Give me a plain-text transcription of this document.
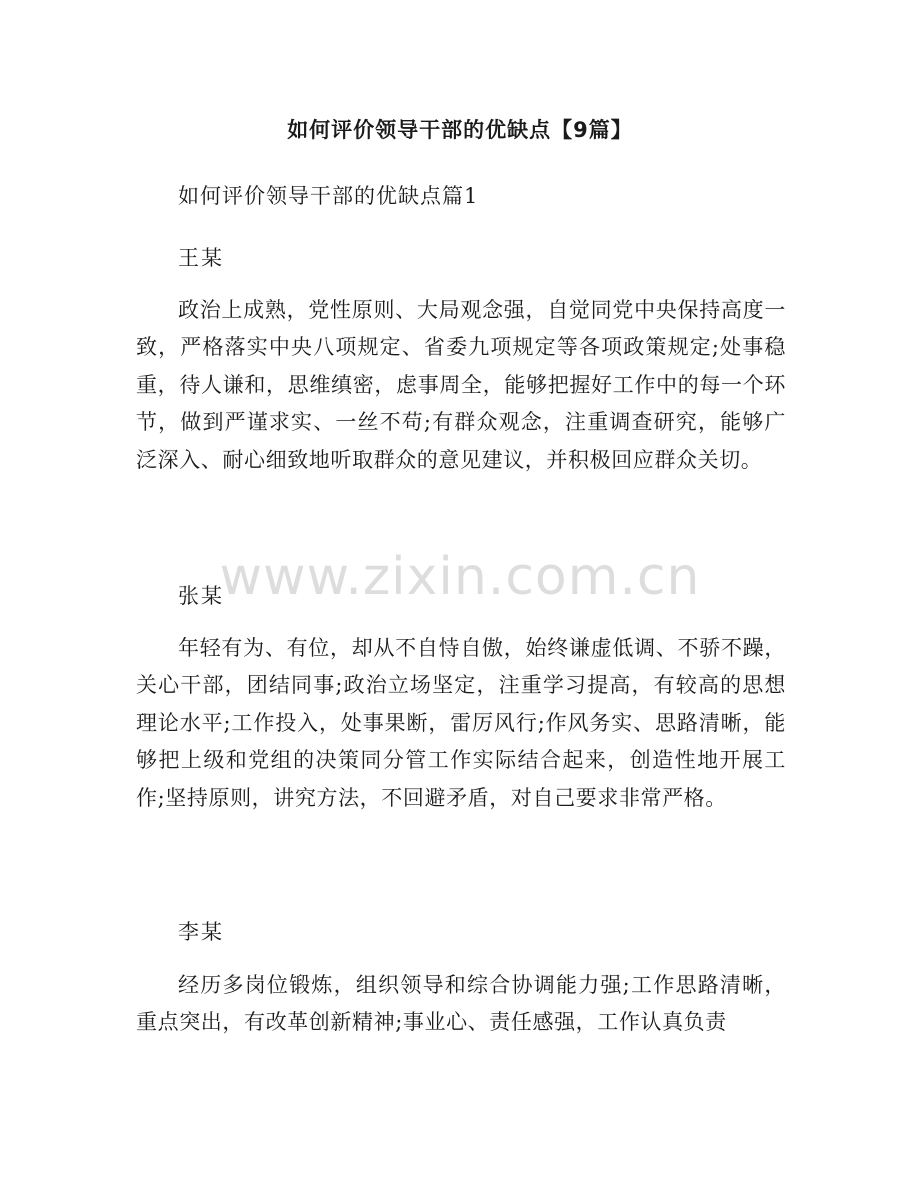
如何评价领导干部的优缺点【9篇】

如何评价领导干部的优缺点篇1

王某

政治上成熟，党性原则、大局观念强，自觉同党中央保持高度一致，严格落实中央八项规定、省委九项规定等各项政策规定;处事稳重，待人谦和，思维缜密，虑事周全，能够把握好工作中的每一个环节，做到严谨求实、一丝不苟;有群众观念，注重调查研究，能够广泛深入、耐心细致地听取群众的意见建议，并积极回应群众关切。

张某

年轻有为、有位，却从不自恃自傲，始终谦虚低调、不骄不躁，关心干部，团结同事;政治立场坚定，注重学习提高，有较高的思想理论水平;工作投入，处事果断，雷厉风行;作风务实、思路清晰，能够把上级和党组的决策同分管工作实际结合起来，创造性地开展工作;坚持原则，讲究方法，不回避矛盾，对自己要求非常严格。

李某

经历多岗位锻炼，组织领导和综合协调能力强;工作思路清晰，重点突出，有改革创新精神;事业心、责任感强，工作认真负责

www.zixin.com.cn
